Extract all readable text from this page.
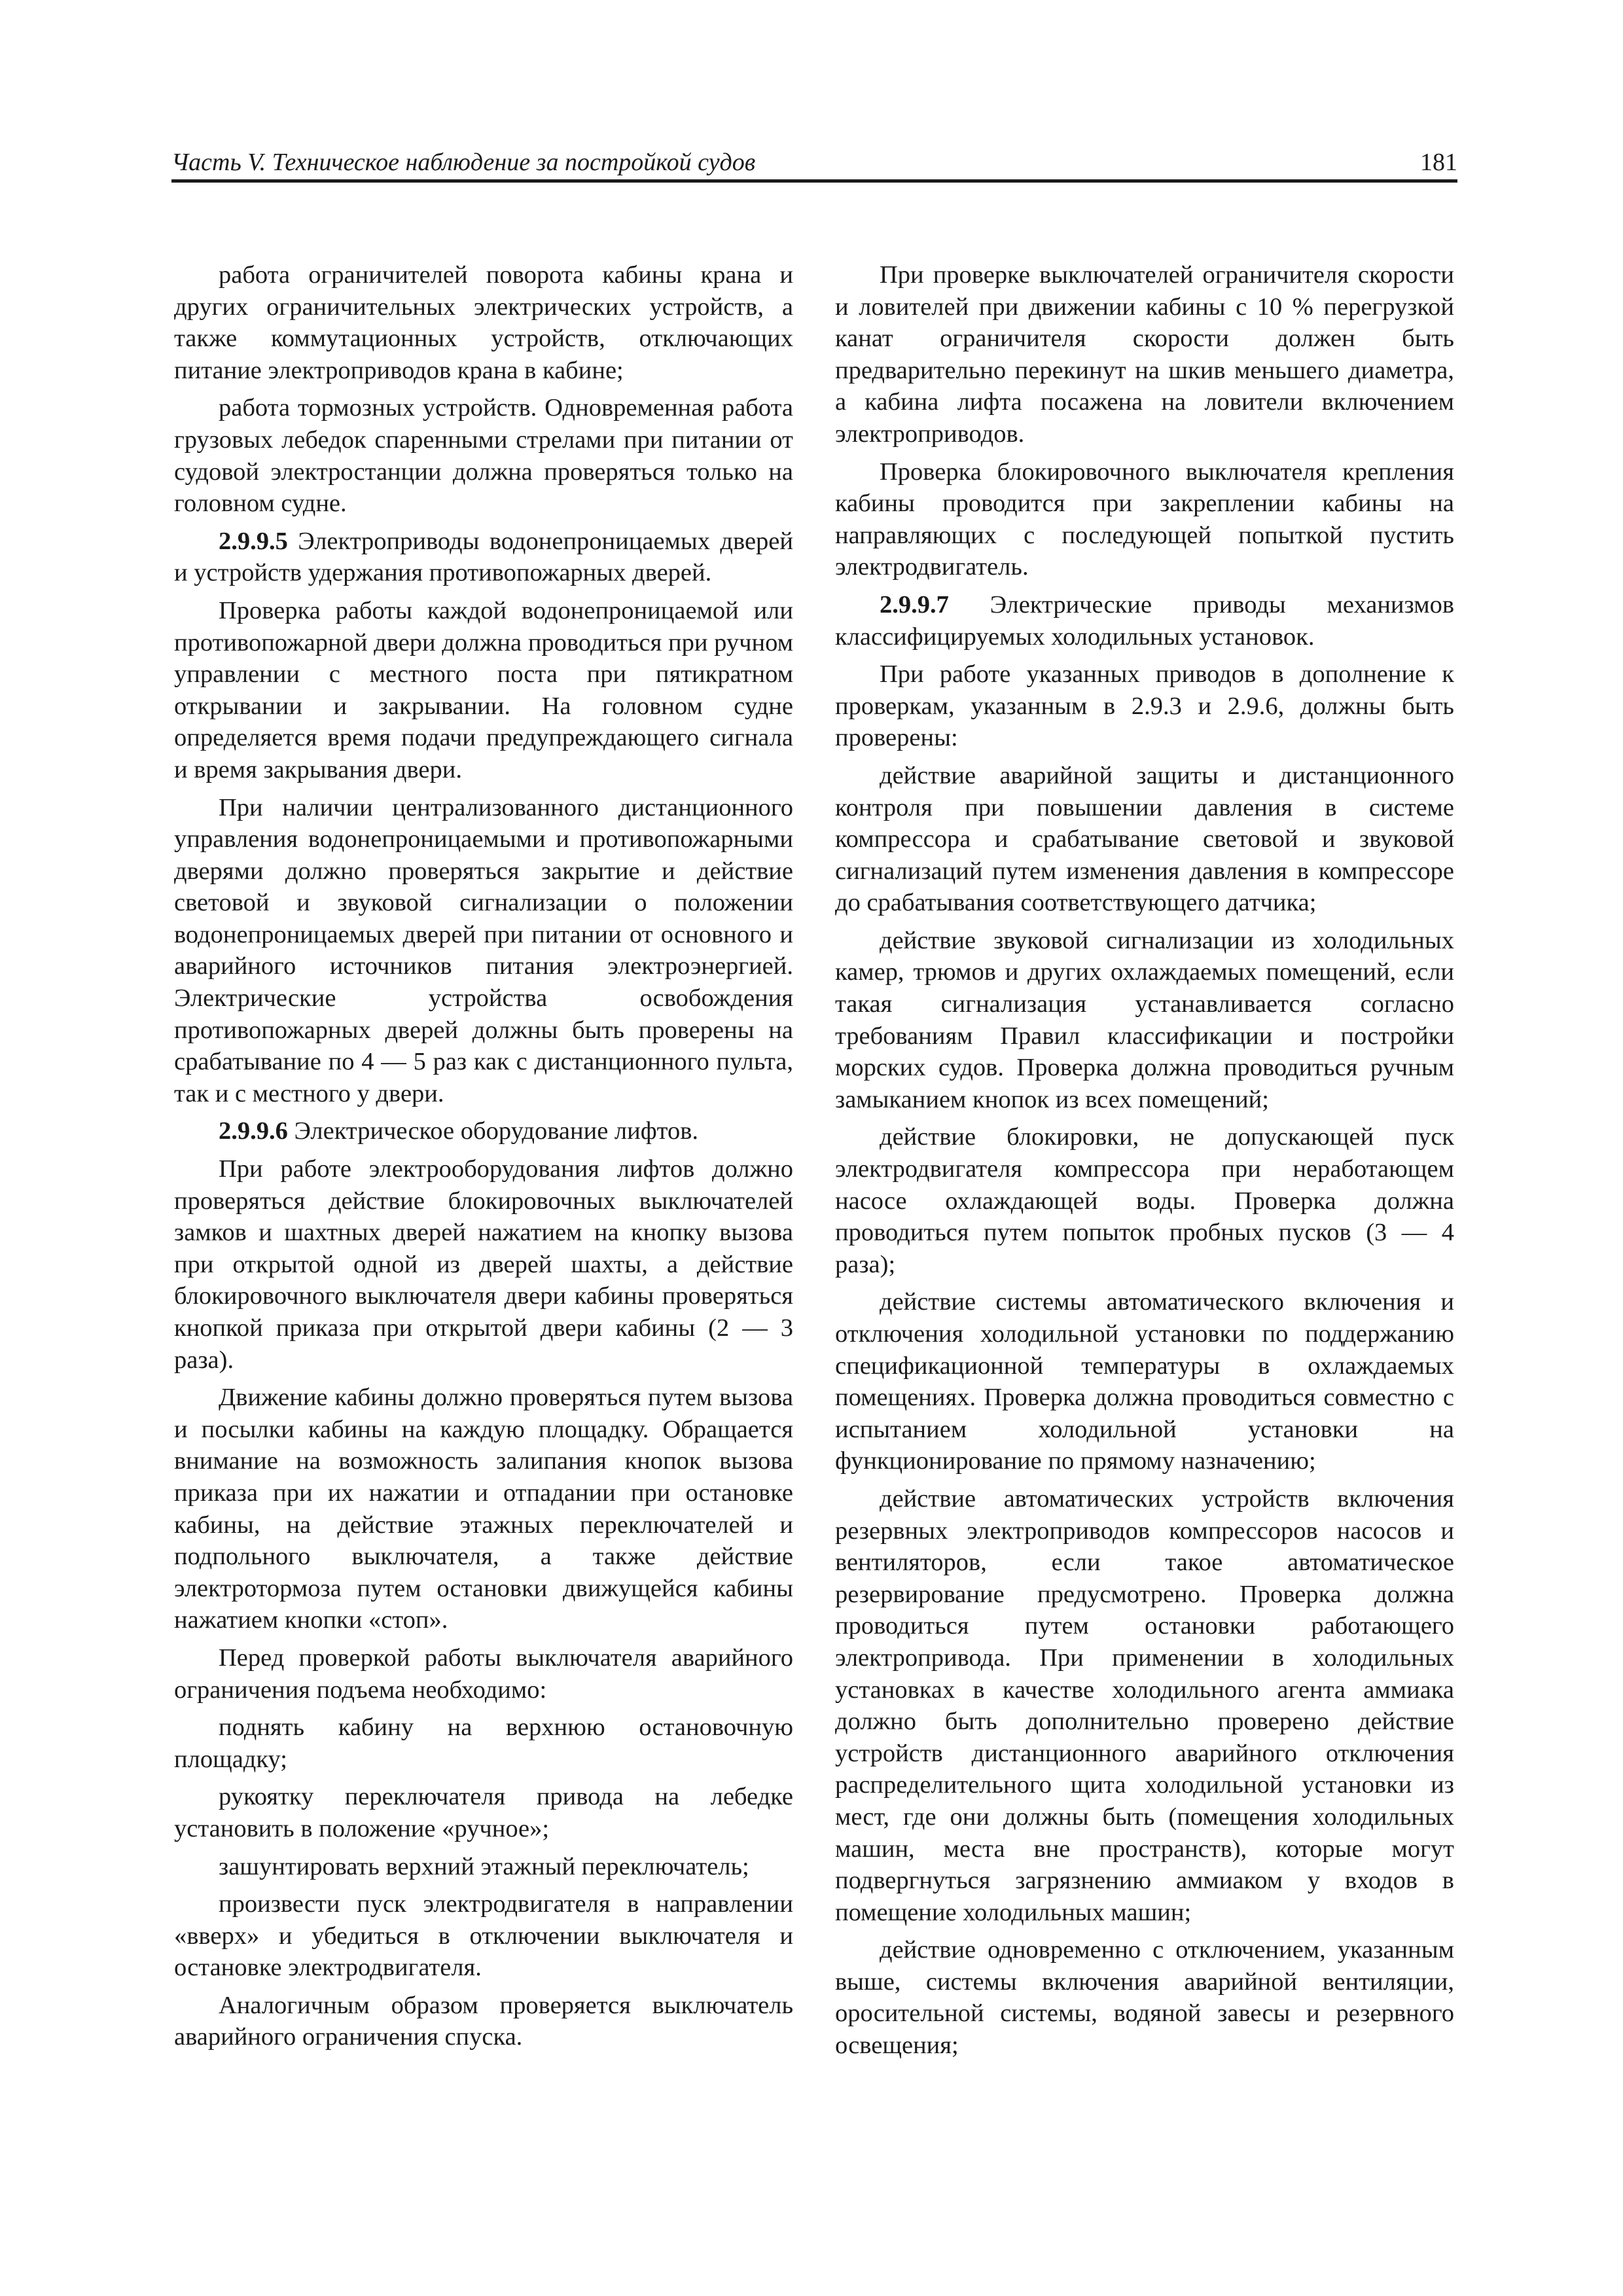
Часть V. Техническое наблюдение за постройкой судов	181

работа ограничителей поворота кабины крана и других ограничительных электрических устройств, а также коммутационных устройств, отключающих питание электроприводов крана в кабине;

работа тормозных устройств. Одновременная работа грузовых лебедок спаренными стрелами при питании от судовой электростанции должна проверяться только на головном судне.

2.9.9.5 Электроприводы водонепроницаемых дверей и устройств удержания противопожарных дверей.

Проверка работы каждой водонепроницаемой или противопожарной двери должна проводиться при ручном управлении с местного поста при пятикратном открывании и закрывании. На головном судне определяется время подачи предупреждающего сигнала и время закрывания двери.

При наличии централизованного дистанционного управления водонепроницаемыми и противопожарными дверями должно проверяться закрытие и действие световой и звуковой сигнализации о положении водонепроницаемых дверей при питании от основного и аварийного источников питания электроэнергией. Электрические устройства освобождения противопожарных дверей должны быть проверены на срабатывание по 4 — 5 раз как с дистанционного пульта, так и с местного у двери.

2.9.9.6 Электрическое оборудование лифтов.

При работе электрооборудования лифтов должно проверяться действие блокировочных выключателей замков и шахтных дверей нажатием на кнопку вызова при открытой одной из дверей шахты, а действие блокировочного выключателя двери кабины проверяться кнопкой приказа при открытой двери кабины (2 — 3 раза).

Движение кабины должно проверяться путем вызова и посылки кабины на каждую площадку. Обращается внимание на возможность залипания кнопок вызова приказа при их нажатии и отпадании при остановке кабины, на действие этажных переключателей и подпольного выключателя, а также действие электротормоза путем остановки движущейся кабины нажатием кнопки «стоп».

Перед проверкой работы выключателя аварийного ограничения подъема необходимо:

поднять кабину на верхнюю остановочную площадку;

рукоятку переключателя привода на лебедке установить в положение «ручное»;

зашунтировать верхний этажный переключатель;

произвести пуск электродвигателя в направлении «вверх» и убедиться в отключении выключателя и остановке электродвигателя.

Аналогичным образом проверяется выключатель аварийного ограничения спуска.

При проверке выключателей ограничителя скорости и ловителей при движении кабины с 10 % перегрузкой канат ограничителя скорости должен быть предварительно перекинут на шкив меньшего диаметра, а кабина лифта посажена на ловители включением электроприводов.

Проверка блокировочного выключателя крепления кабины проводится при закреплении кабины на направляющих с последующей попыткой пустить электродвигатель.

2.9.9.7 Электрические приводы механизмов классифицируемых холодильных установок.

При работе указанных приводов в дополнение к проверкам, указанным в 2.9.3 и 2.9.6, должны быть проверены:

действие аварийной защиты и дистанционного контроля при повышении давления в системе компрессора и срабатывание световой и звуковой сигнализаций путем изменения давления в компрессоре до срабатывания соответствующего датчика;

действие звуковой сигнализации из холодильных камер, трюмов и других охлаждаемых помещений, если такая сигнализация устанавливается согласно требованиям Правил классификации и постройки морских судов. Проверка должна проводиться ручным замыканием кнопок из всех помещений;

действие блокировки, не допускающей пуск электродвигателя компрессора при неработающем насосе охлаждающей воды. Проверка должна проводиться путем попыток пробных пусков (3 — 4 раза);

действие системы автоматического включения и отключения холодильной установки по поддержанию спецификационной температуры в охлаждаемых помещениях. Проверка должна проводиться совместно с испытанием холодильной установки на функционирование по прямому назначению;

действие автоматических устройств включения резервных электроприводов компрессоров насосов и вентиляторов, если такое автоматическое резервирование предусмотрено. Проверка должна проводиться путем остановки работающего электропривода. При применении в холодильных установках в качестве холодильного агента аммиака должно быть дополнительно проверено действие устройств дистанционного аварийного отключения распределительного щита холодильной установки из мест, где они должны быть (помещения холодильных машин, места вне пространств), которые могут подвергнуться загрязнению аммиаком у входов в помещение холодильных машин;

действие одновременно с отключением, указанным выше, системы включения аварийной вентиляции, оросительной системы, водяной завесы и резервного освещения;
